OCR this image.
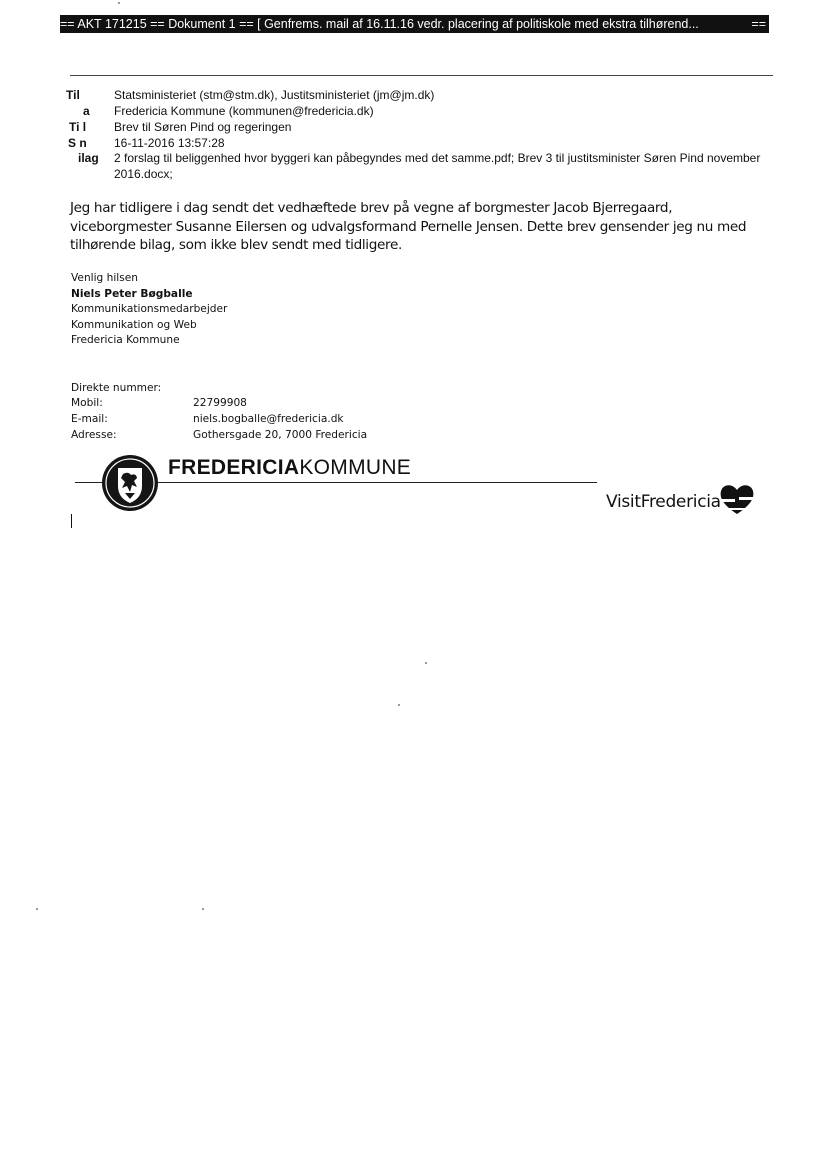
== AKT 171215 == Dokument 1 == [ Genfrems. mail af 16.11.16 vedr. placering af politiskole med ekstra tilhørend...	==
Til	Statsministeriet (stm@stm.dk), Justitsministeriet (jm@jm.dk)
a	Fredericia Kommune (kommunen@fredericia.dk)
Ti l	Brev til Søren Pind og regeringen
S n	16-11-2016 13:57:28
ilag	2 forslag til beliggenhed hvor byggeri kan påbegyndes med det samme.pdf; Brev 3 til justitsminister Søren Pind november 2016.docx;
Jeg har tidligere i dag sendt det vedhæftede brev på vegne af borgmester Jacob Bjerregaard, viceborgmester Susanne Eilersen og udvalgsformand Pernelle Jensen. Dette brev gensender jeg nu med tilhørende bilag, som ikke blev sendt med tidligere.
Venlig hilsen
Niels Peter Bøgballe
Kommunikationsmedarbejder
Kommunikation og Web
Fredericia Kommune
Direkte nummer:
Mobil:	22799908
E-mail:	niels.bogballe@fredericia.dk
Adresse:	Gothersgade 20, 7000 Fredericia
FREDERICIAKOMMUNE
VisitFredericia
